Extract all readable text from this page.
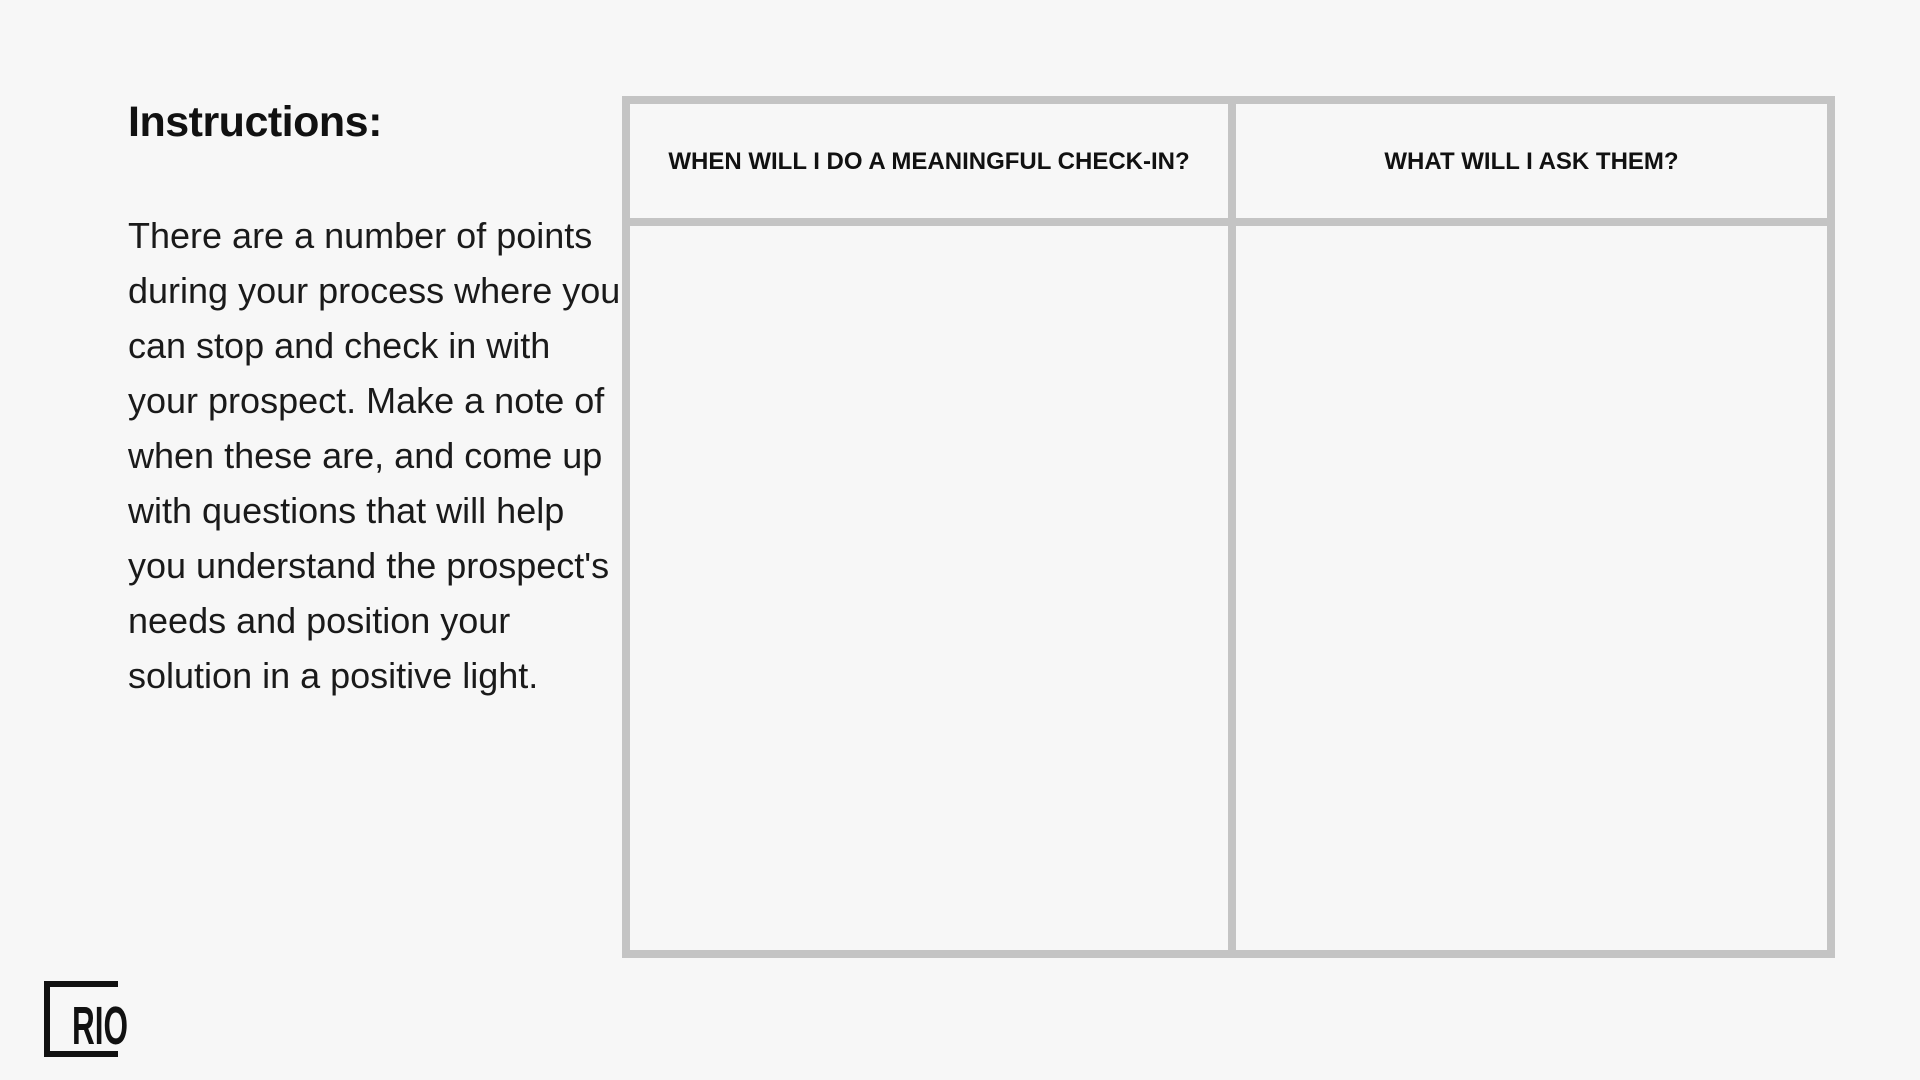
Instructions:

There are a number of points during your process where you can stop and check in with your prospect. Make a note of when these are, and come up with questions that will help you understand the prospect's needs and position your solution in a positive light.

WHEN WILL I DO A MEANINGFUL CHECK-IN?	WHAT WILL I ASK THEM?
RIO
